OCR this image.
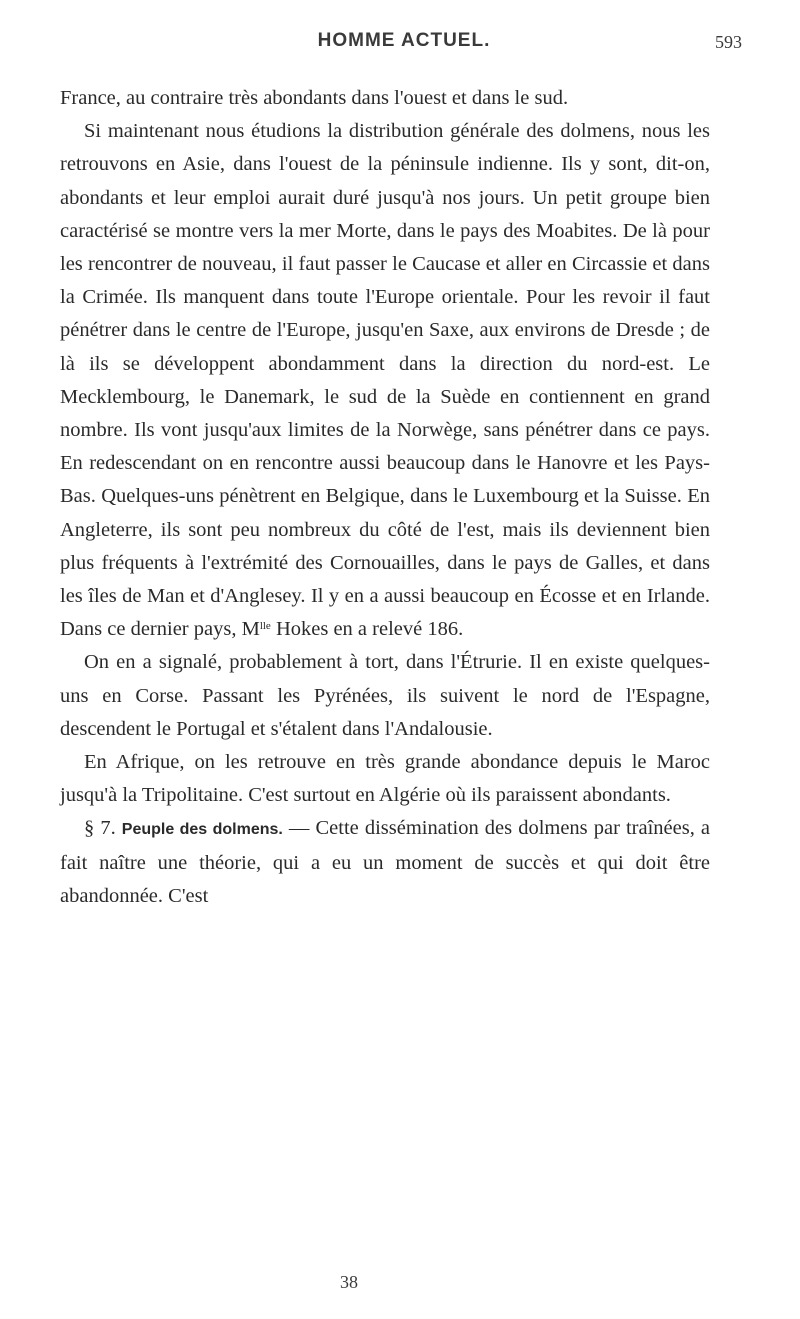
HOMME ACTUEL.	593

France, au contraire très abondants dans l'ouest et dans le sud.

Si maintenant nous étudions la distribution générale des dolmens, nous les retrouvons en Asie, dans l'ouest de la péninsule indienne. Ils y sont, dit-on, abondants et leur emploi aurait duré jusqu'à nos jours. Un petit groupe bien caractérisé se montre vers la mer Morte, dans le pays des Moabites. De là pour les rencontrer de nouveau, il faut passer le Caucase et aller en Circassie et dans la Crimée. Ils manquent dans toute l'Europe orientale. Pour les revoir il faut pénétrer dans le centre de l'Europe, jusqu'en Saxe, aux environs de Dresde ; de là ils se développent abondamment dans la direction du nord-est. Le Mecklembourg, le Danemark, le sud de la Suède en contiennent en grand nombre. Ils vont jusqu'aux limites de la Norwège, sans pénétrer dans ce pays. En redescendant on en rencontre aussi beaucoup dans le Hanovre et les Pays-Bas. Quelques-uns pénètrent en Belgique, dans le Luxembourg et la Suisse. En Angleterre, ils sont peu nombreux du côté de l'est, mais ils deviennent bien plus fréquents à l'extrémité des Cornouailles, dans le pays de Galles, et dans les îles de Man et d'Anglesey. Il y en a aussi beaucoup en Écosse et en Irlande. Dans ce dernier pays, $M^{lle}$ Hokes en a relevé 186.

On en a signalé, probablement à tort, dans l'Étrurie. Il en existe quelques-uns en Corse. Passant les Pyrénées, ils suivent le nord de l'Espagne, descendent le Portugal et s'étalent dans l'Andalousie.

En Afrique, on les retrouve en très grande abondance depuis le Maroc jusqu'à la Tripolitaine. C'est surtout en Algérie où ils paraissent abondants.

§ 7. Peuple des dolmens. — Cette dissémination des dolmens par traînées, a fait naître une théorie, qui a eu un moment de succès et qui doit être abandonnée. C'est

38
